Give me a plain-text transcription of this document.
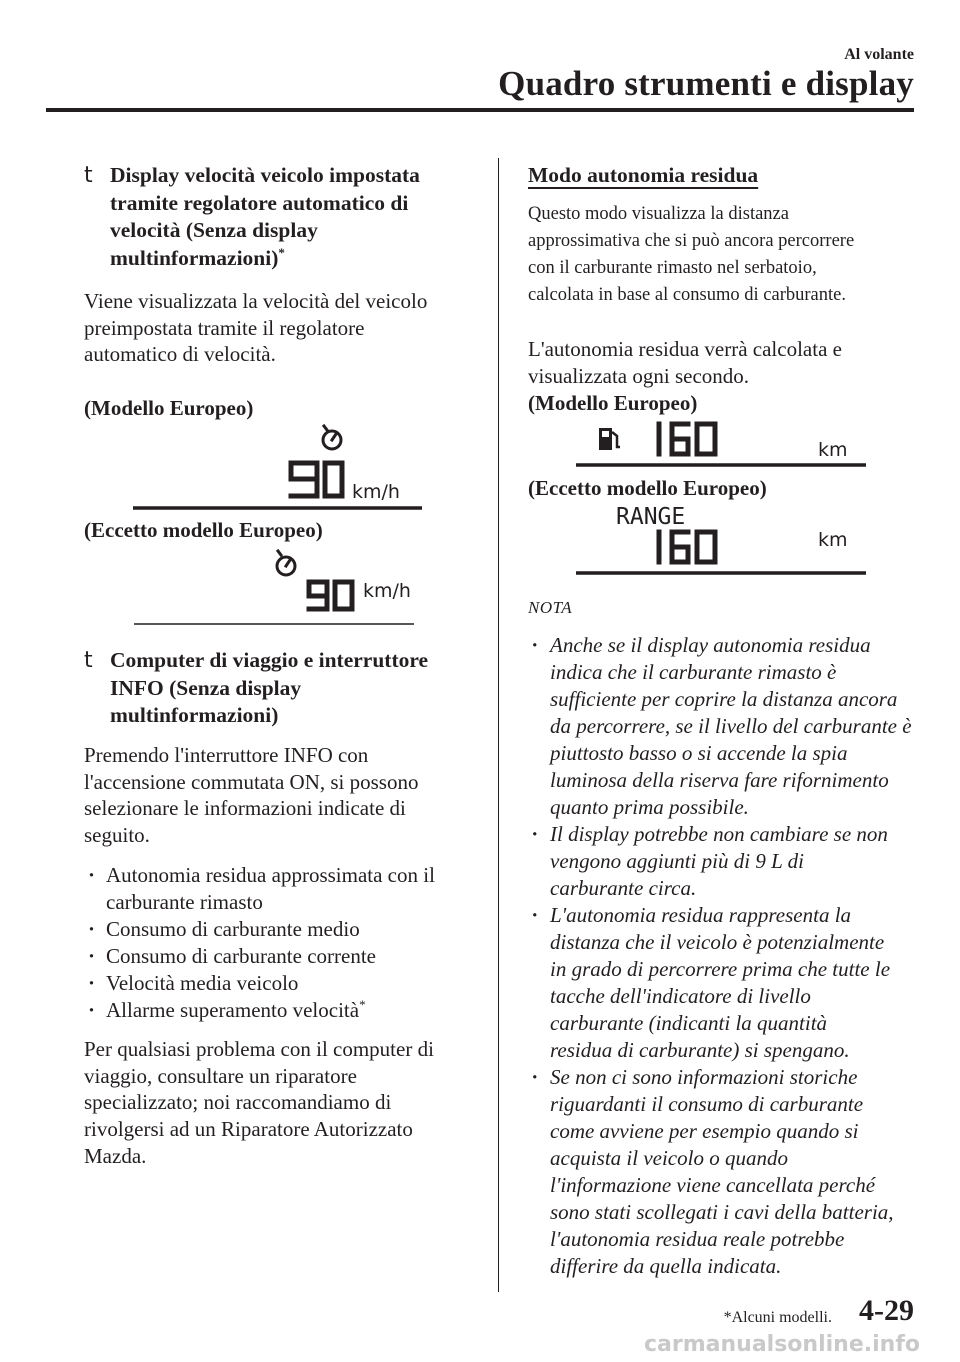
Al volante
Quadro strumenti e display
t Display velocità veicolo impostata
tramite regolatore automatico di
velocità (Senza display
multinformazioni)*
Viene visualizzata la velocità del veicolo
preimpostata tramite il regolatore
automatico di velocità.
(Modello Europeo)
km/h
(Eccetto modello Europeo)
km/h
t Computer di viaggio e interruttore
INFO (Senza display
multinformazioni)
Premendo l'interruttore INFO con
l'accensione commutata ON, si possono
selezionare le informazioni indicate di
seguito.
· Autonomia residua approssimata con il
carburante rimasto
· Consumo di carburante medio
· Consumo di carburante corrente
· Velocità media veicolo
· Allarme superamento velocità*
Per qualsiasi problema con il computer di
viaggio, consultare un riparatore
specializzato; noi raccomandiamo di
rivolgersi ad un Riparatore Autorizzato
Mazda.
Modo autonomia residua
Questo modo visualizza la distanza
approssimativa che si può ancora percorrere
con il carburante rimasto nel serbatoio,
calcolata in base al consumo di carburante.
L'autonomia residua verrà calcolata e
visualizzata ogni secondo.
(Modello Europeo)
km
(Eccetto modello Europeo)
RANGE
km
NOTA
· Anche se il display autonomia residua
indica che il carburante rimasto è
sufficiente per coprire la distanza ancora
da percorrere, se il livello del carburante è
piuttosto basso o si accende la spia
luminosa della riserva fare rifornimento
quanto prima possibile.
· Il display potrebbe non cambiare se non
vengono aggiunti più di 9 L di
carburante circa.
· L'autonomia residua rappresenta la
distanza che il veicolo è potenzialmente
in grado di percorrere prima che tutte le
tacche dell'indicatore di livello
carburante (indicanti la quantità
residua di carburante) si spengano.
· Se non ci sono informazioni storiche
riguardanti il consumo di carburante
come avviene per esempio quando si
acquista il veicolo o quando
l'informazione viene cancellata perché
sono stati scollegati i cavi della batteria,
l'autonomia residua reale potrebbe
differire da quella indicata.
*Alcuni modelli. 4-29
carmanualsonline.info
